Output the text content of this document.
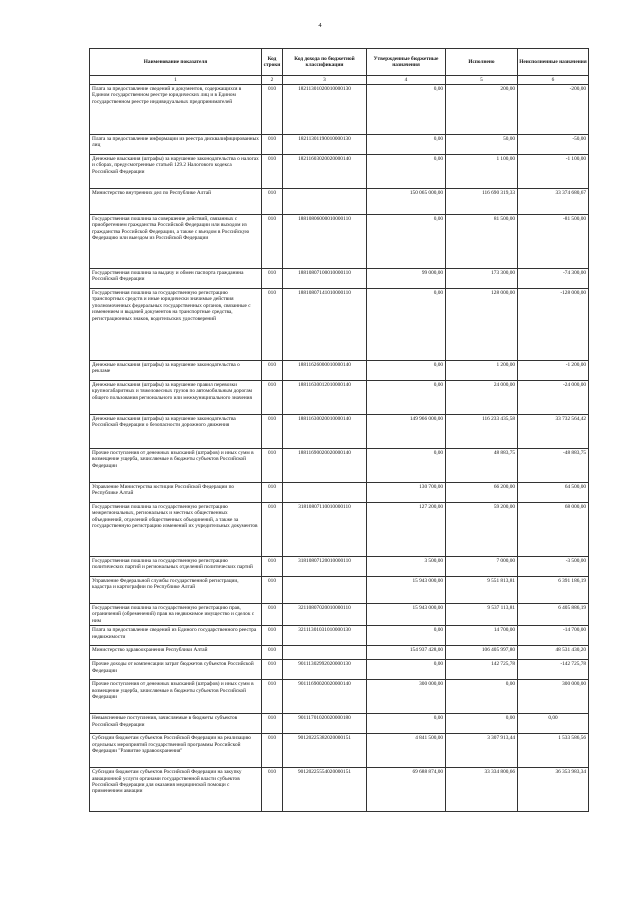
4
Наименование показателя	Код строки	Код дохода по бюджетной классификации	Утвержденные бюджетные назначения	Исполнено	Неисполненные назначения
1	2	3	4	5	6
Плата за предоставление сведений и документов, содержащихся в Едином государственном реестре юридических лиц и в Едином государственном реестре индивидуальных предпринимателей	010	18211301020010000130	0,00	200,00	-200,00
Плата за предоставление информации из реестра дисквалифицированных лиц	010	18211301190010000130	0,00	50,00	-50,00
Денежные взыскания (штрафы) за нарушение законодательства о налогах и сборах, предусмотренные статьей 129.2 Налогового кодекса Российской Федерации	010	18211603020020000140	0,00	1 100,00	-1 100,00
Министерство внутренних дел по Республике Алтай	010		150 065 000,00	116 690 319,33	33 374 680,67
Государственная пошлина за совершение действий, связанных с приобретением гражданства Российской Федерации или выходом из гражданства Российской Федерации, а также с въездом в Российскую Федерацию или выездом из Российской Федерации	010	18810806000010000110	0,00	81 500,00	-81 500,00
Государственная пошлина за выдачу и обмен паспорта гражданина Российской Федерации	010	18810807100010000110	99 000,00	173 300,00	-74 300,00
Государственная пошлина за государственную регистрацию транспортных средств и иные юридически значимые действия уполномоченных федеральных государственных органов, связанные с изменением и выдачей документов на транспортные средства, регистрационных знаков, водительских удостоверений	010	18810807141010000110	0,00	128 000,00	-128 000,00
Денежные взыскания (штрафы) за нарушение законодательства о рекламе	010	18811626000010000140	0,00	1 200,00	-1 200,00
Денежные взыскания (штрафы) за нарушение правил перевозки крупногабаритных и тяжеловесных грузов по автомобильным дорогам общего пользования регионального или межмуниципального значения	010	18811630012010000140	0,00	24 000,00	-24 000,00
Денежные взыскания (штрафы) за нарушение законодательства Российской Федерации о безопасности дорожного движения	010	18811630020010000140	149 966 000,00	116 233 435,58	33 732 564,42
Прочие поступления от денежных взысканий (штрафов) и иных сумм в возмещение ущерба, зачисляемые в бюджеты субъектов Российской Федерации	010	18811690020020000140	0,00	48 883,75	-48 883,75
Управление Министерства юстиции Российской Федерации по Республике Алтай	010		130 700,00	66 200,00	64 500,00
Государственная пошлина за государственную регистрацию межрегиональных, региональных и местных общественных объединений, отделений общественных объединений, а также за государственную регистрацию изменений их учредительных документов	010	31810807110010000110	127 200,00	59 200,00	68 000,00
Государственная пошлина за государственную регистрацию политических партий и региональных отделений политических партий	010	31810807120010000110	3 500,00	7 000,00	-3 500,00
Управление Федеральной службы государственной регистрации, кадастра и картографии по Республике Алтай	010		15 943 000,00	9 551 813,81	6 391 186,19
Государственная пошлина за государственную регистрацию прав, ограничений (обременений) прав на недвижимое имущество и сделок с ним	010	32110807020010000110	15 943 000,00	9 537 113,81	6 405 886,19
Плата за предоставление сведений из Единого государственного реестра недвижимости	010	32111301031010000130	0,00	14 700,00	-14 700,00
Министерство здравоохранения Республики Алтай	010		154 937 428,00	106 405 997,80	48 531 430,20
Прочие доходы от компенсации затрат бюджетов субъектов Российской Федерации	010	90111302992020000130	0,00	142 725,78	-142 725,78
Прочие поступления от денежных взысканий (штрафов) и иных сумм в возмещение ущерба, зачисляемые в бюджеты субъектов Российской Федерации	010	90111690020020000140	300 000,00	0,00	300 000,00
Невыясненные поступления, зачисляемые в бюджеты субъектов Российской Федерации	010	90111701020020000180	0,00	0,00	0,00
Субсидии бюджетам субъектов Российской Федерации на реализацию отдельных мероприятий государственной программы Российской Федерации "Развитие здравоохранения"	010	90120225382020000151	4 841 500,00	3 307 913,44	1 533 586,56
Субсидии бюджетам субъектов Российской Федерации на закупку авиационной услуги органами государственной власти субъектов Российской Федерации для оказания медицинской помощи с применением авиации	010	90120225554020000151	69 688 874,00	33 334 800,66	36 353 983,34
